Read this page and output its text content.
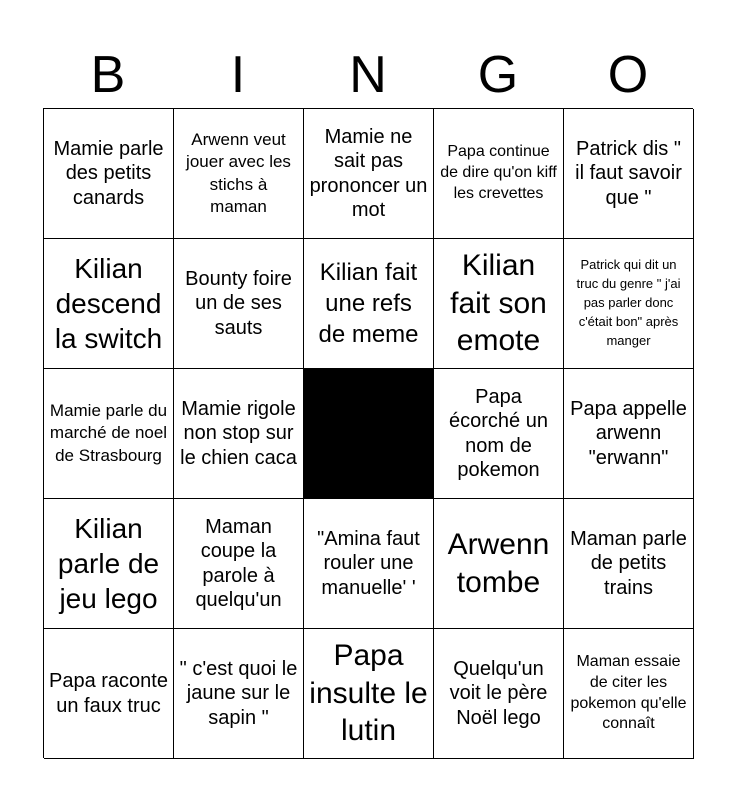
B	I	N	G	O
Mamie parle des petits canards
Arwenn veut jouer avec les stichs à maman
Mamie ne sait pas prononcer un mot
Papa continue de dire qu'on kiff les crevettes
Patrick dis " il faut savoir que "
Kilian descend la switch
Bounty foire un de ses sauts
Kilian fait une refs de meme
Kilian fait son emote
Patrick qui dit un truc du genre " j'ai pas parler donc c'était bon" après manger
Mamie parle du marché de noel de Strasbourg
Mamie rigole non stop sur le chien caca
Papa écorché un nom de pokemon
Papa appelle arwenn "erwann"
Kilian parle de jeu lego
Maman coupe la parole à quelqu'un
"Amina faut rouler une manuelle' '
Arwenn tombe
Maman parle de petits trains
Papa raconte un faux truc
" c'est quoi le jaune sur le sapin "
Papa insulte le lutin
Quelqu'un voit le père Noël lego
Maman essaie de citer les pokemon qu'elle connaît
